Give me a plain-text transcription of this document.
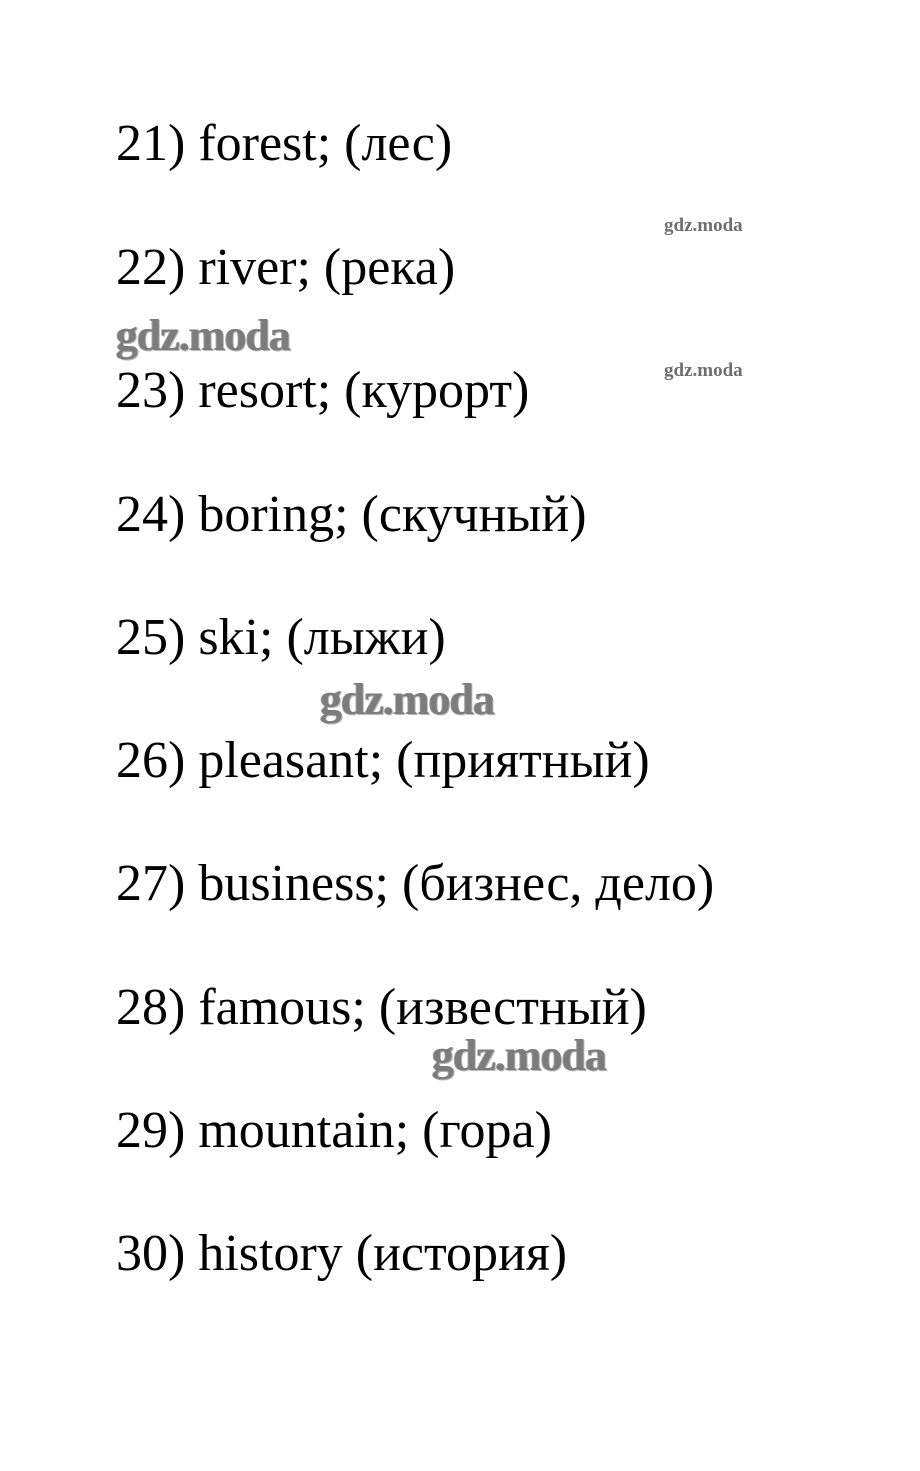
21) forest; (лес)
22) river; (река)
23) resort; (курорт)
24) boring; (скучный)
25) ski; (лыжи)
26) pleasant; (приятный)
27) business; (бизнес, дело)
28) famous; (известный)
29) mountain; (гора)
30) history (история)
gdz.moda
gdz.moda
gdz.moda
gdz.moda
gdz.moda
